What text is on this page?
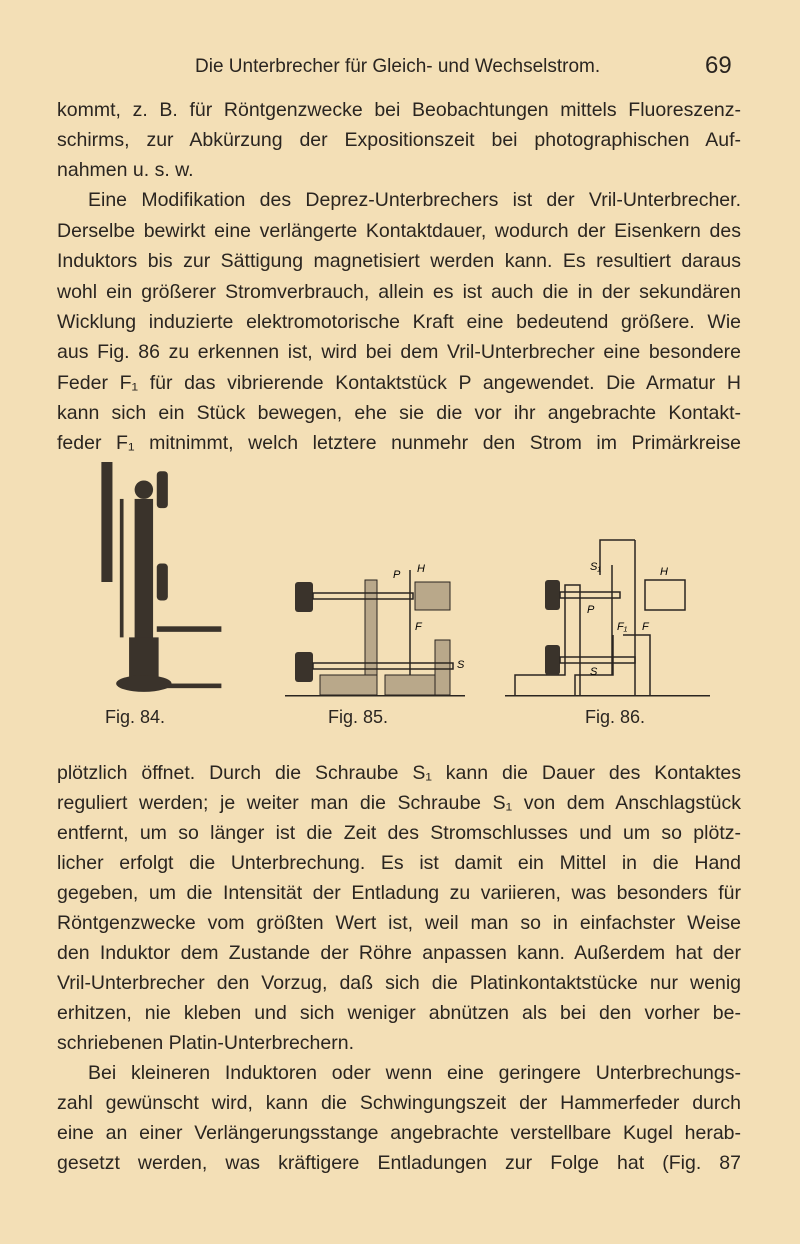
Die Unterbrecher für Gleich- und Wechselstrom.	69
kommt, z. B. für Röntgenzwecke bei Beobachtungen mittels Fluoreszenz-
schirms, zur Abkürzung der Expositionszeit bei photographischen Auf-
nahmen u. s. w.
Eine Modifikation des Deprez-Unterbrechers ist der Vril-Unterbrecher.
Derselbe bewirkt eine verlängerte Kontaktdauer, wodurch der Eisenkern des
Induktors bis zur Sättigung magnetisiert werden kann. Es resultiert daraus
wohl ein größerer Stromverbrauch, allein es ist auch die in der sekundären
Wicklung induzierte elektromotorische Kraft eine bedeutend größere. Wie
aus Fig. 86 zu erkennen ist, wird bei dem Vril-Unterbrecher eine besondere
Feder F₁ für das vibrierende Kontaktstück P angewendet. Die Armatur H
kann sich ein Stück bewegen, ehe sie die vor ihr angebrachte Kontakt-
feder F₁ mitnimmt, welch letztere nunmehr den Strom im Primärkreise
P H
F
S
S₁
P
H
F₁ F
S
Fig. 84.	Fig. 85.	Fig. 86.
plötzlich öffnet. Durch die Schraube S₁ kann die Dauer des Kontaktes
reguliert werden; je weiter man die Schraube S₁ von dem Anschlagstück
entfernt, um so länger ist die Zeit des Stromschlusses und um so plötz-
licher erfolgt die Unterbrechung. Es ist damit ein Mittel in die Hand
gegeben, um die Intensität der Entladung zu variieren, was besonders für
Röntgenzwecke vom größten Wert ist, weil man so in einfachster Weise
den Induktor dem Zustande der Röhre anpassen kann. Außerdem hat der
Vril-Unterbrecher den Vorzug, daß sich die Platinkontaktstücke nur wenig
erhitzen, nie kleben und sich weniger abnützen als bei den vorher be-
schriebenen Platin-Unterbrechern.
Bei kleineren Induktoren oder wenn eine geringere Unterbrechungs-
zahl gewünscht wird, kann die Schwingungszeit der Hammerfeder durch
eine an einer Verlängerungsstange angebrachte verstellbare Kugel herab-
gesetzt werden, was kräftigere Entladungen zur Folge hat (Fig. 87
